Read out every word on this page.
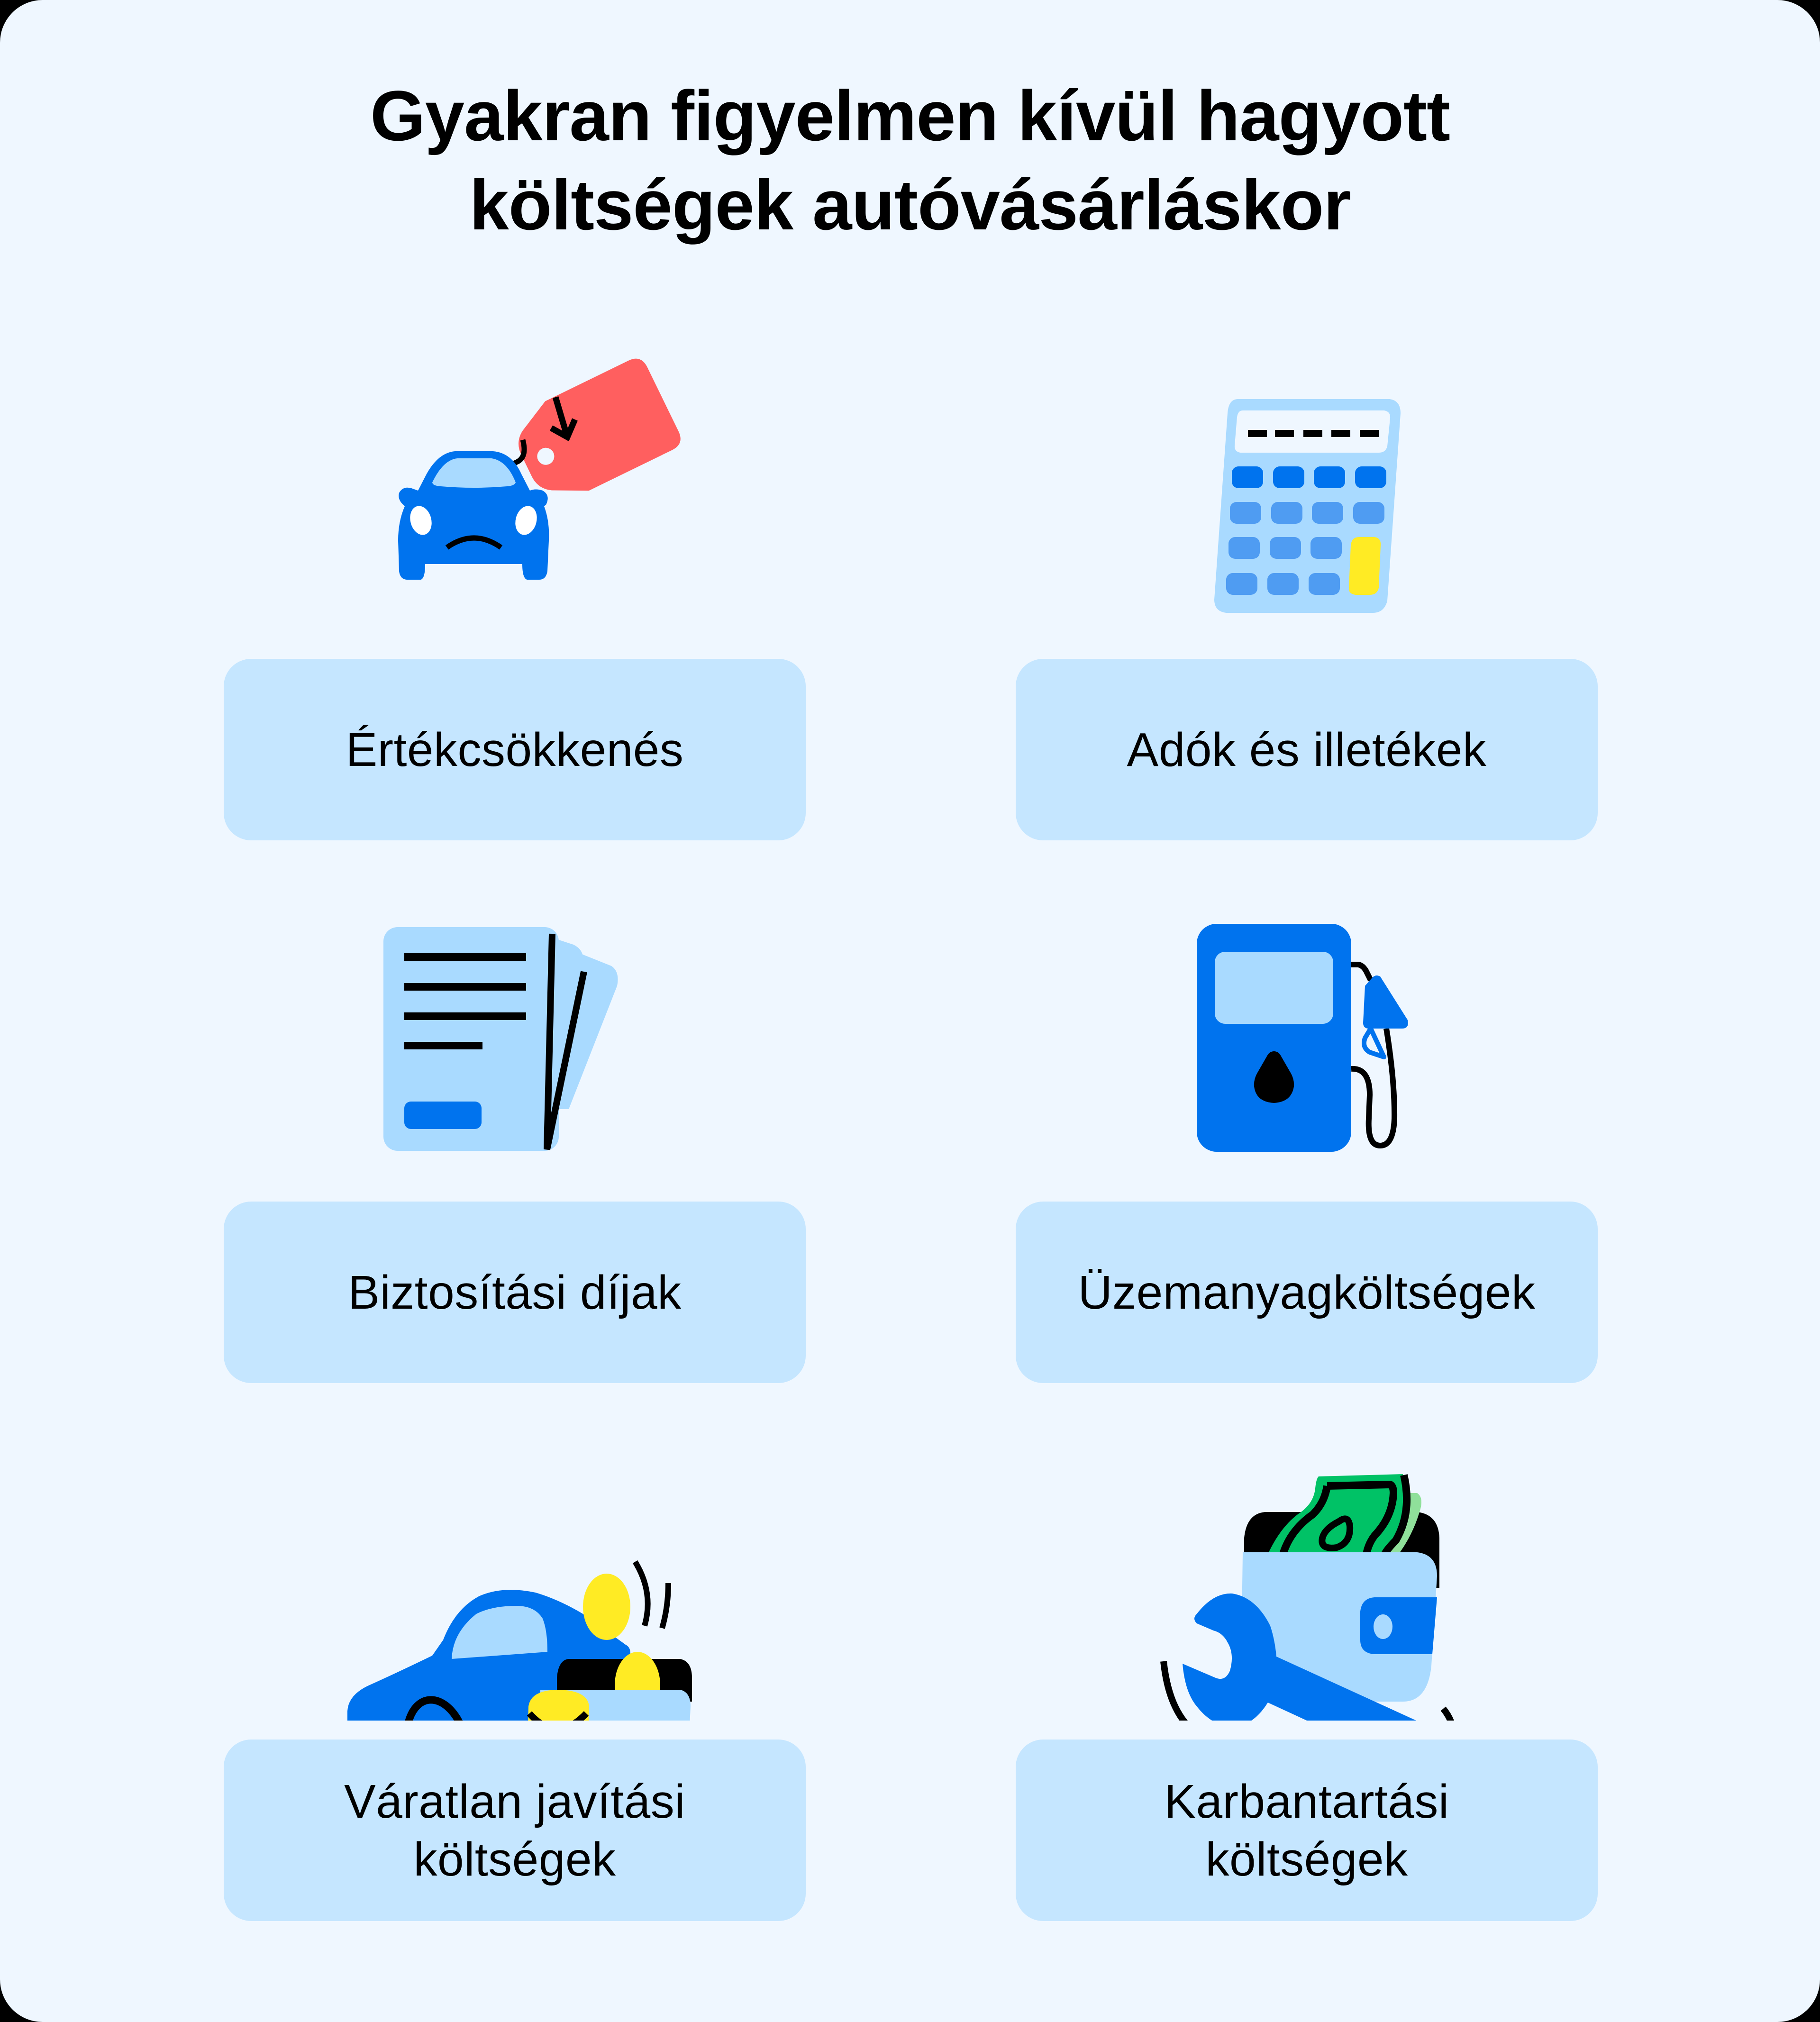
Gyakran figyelmen kívül hagyott
költségek autóvásárláskor
Értékcsökkenés	Adók és illetékek
Biztosítási díjak	Üzemanyagköltségek
Váratlan javítási
költségek
Karbantartási
költségek
